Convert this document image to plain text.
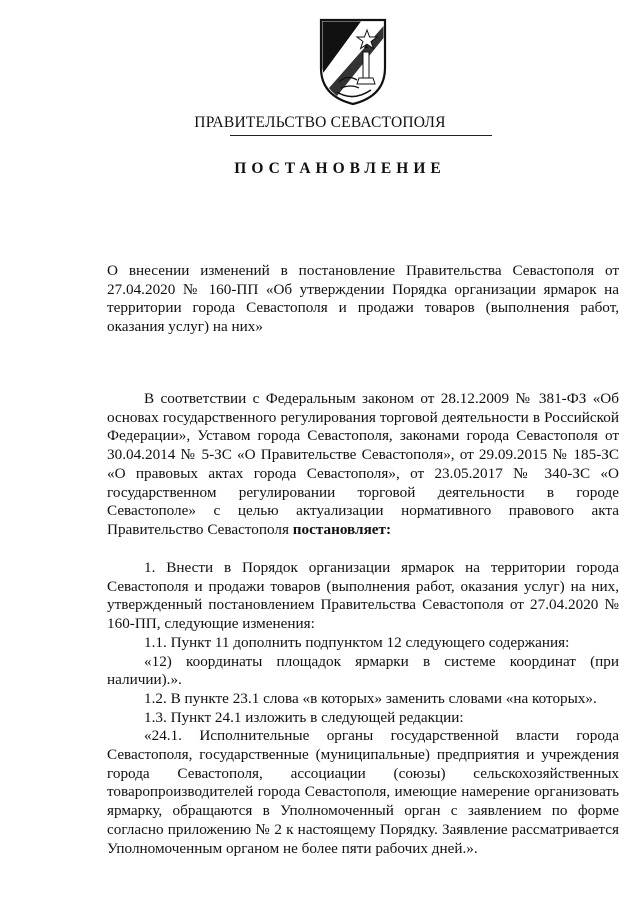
ПРАВИТЕЛЬСТВО СЕВАСТОПОЛЯ
ПОСТАНОВЛЕНИЕ

О внесении изменений в постановление Правительства Севастополя от 27.04.2020 № 160-ПП «Об утверждении Порядка организации ярмарок на территории города Севастополя и продажи товаров (выполнения работ, оказания услуг) на них»

В соответствии с Федеральным законом от 28.12.2009 № 381-ФЗ «Об основах государственного регулирования торговой деятельности в Российской Федерации», Уставом города Севастополя, законами города Севастополя от 30.04.2014 № 5-ЗС «О Правительстве Севастополя», от 29.09.2015 № 185-ЗС «О правовых актах города Севастополя», от 23.05.2017 № 340-ЗС «О государственном регулировании торговой деятельности в городе Севастополе» с целью актуализации нормативного правового акта Правительство Севастополя постановляет:

1. Внести в Порядок организации ярмарок на территории города Севастополя и продажи товаров (выполнения работ, оказания услуг) на них, утвержденный постановлением Правительства Севастополя от 27.04.2020 № 160-ПП, следующие изменения:

1.1. Пункт 11 дополнить подпунктом 12 следующего содержания:

«12) координаты площадок ярмарки в системе координат (при наличии).».

1.2. В пункте 23.1 слова «в которых» заменить словами «на которых».

1.3. Пункт 24.1 изложить в следующей редакции:

«24.1. Исполнительные органы государственной власти города Севастополя, государственные (муниципальные) предприятия и учреждения города Севастополя, ассоциации (союзы) сельскохозяйственных товаропроизводителей города Севастополя, имеющие намерение организовать ярмарку, обращаются в Уполномоченный орган с заявлением по форме согласно приложению № 2 к настоящему Порядку. Заявление рассматривается Уполномоченным органом не более пяти рабочих дней.».
